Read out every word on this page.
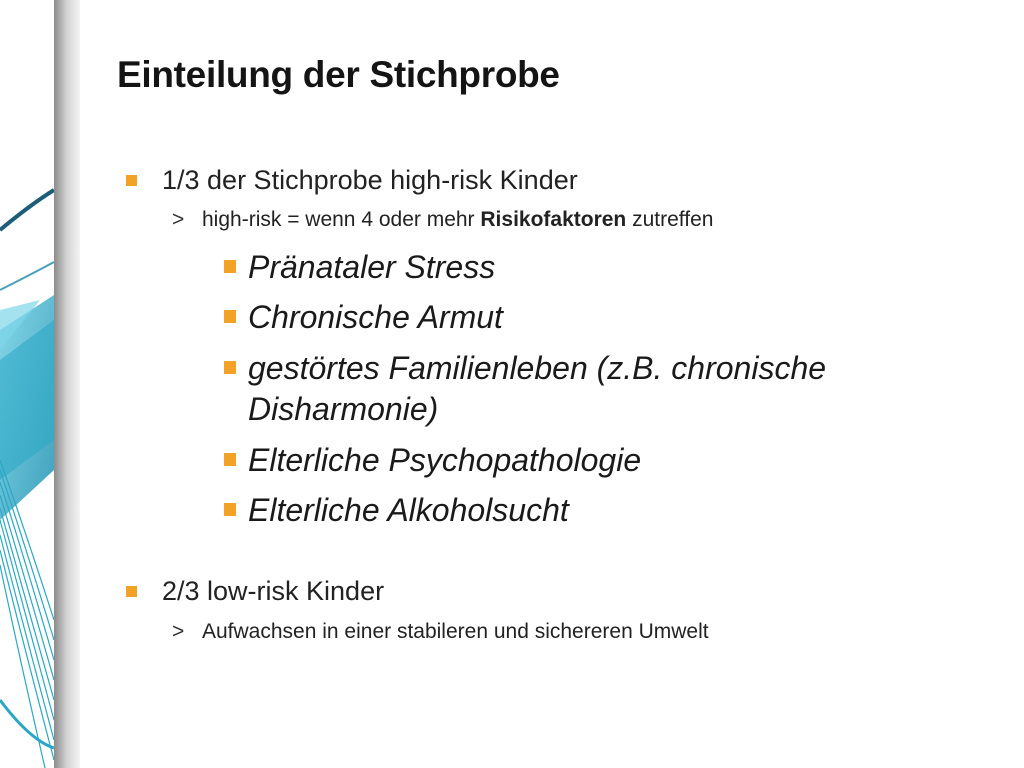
Einteilung der Stichprobe
1/3 der Stichprobe high-risk Kinder
> high-risk = wenn 4 oder mehr Risikofaktoren zutreffen
Pränataler Stress
Chronische Armut
gestörtes Familienleben (z.B. chronische
Disharmonie)
Elterliche Psychopathologie
Elterliche Alkoholsucht
2/3 low-risk Kinder
> Aufwachsen in einer stabileren und sichereren Umwelt
